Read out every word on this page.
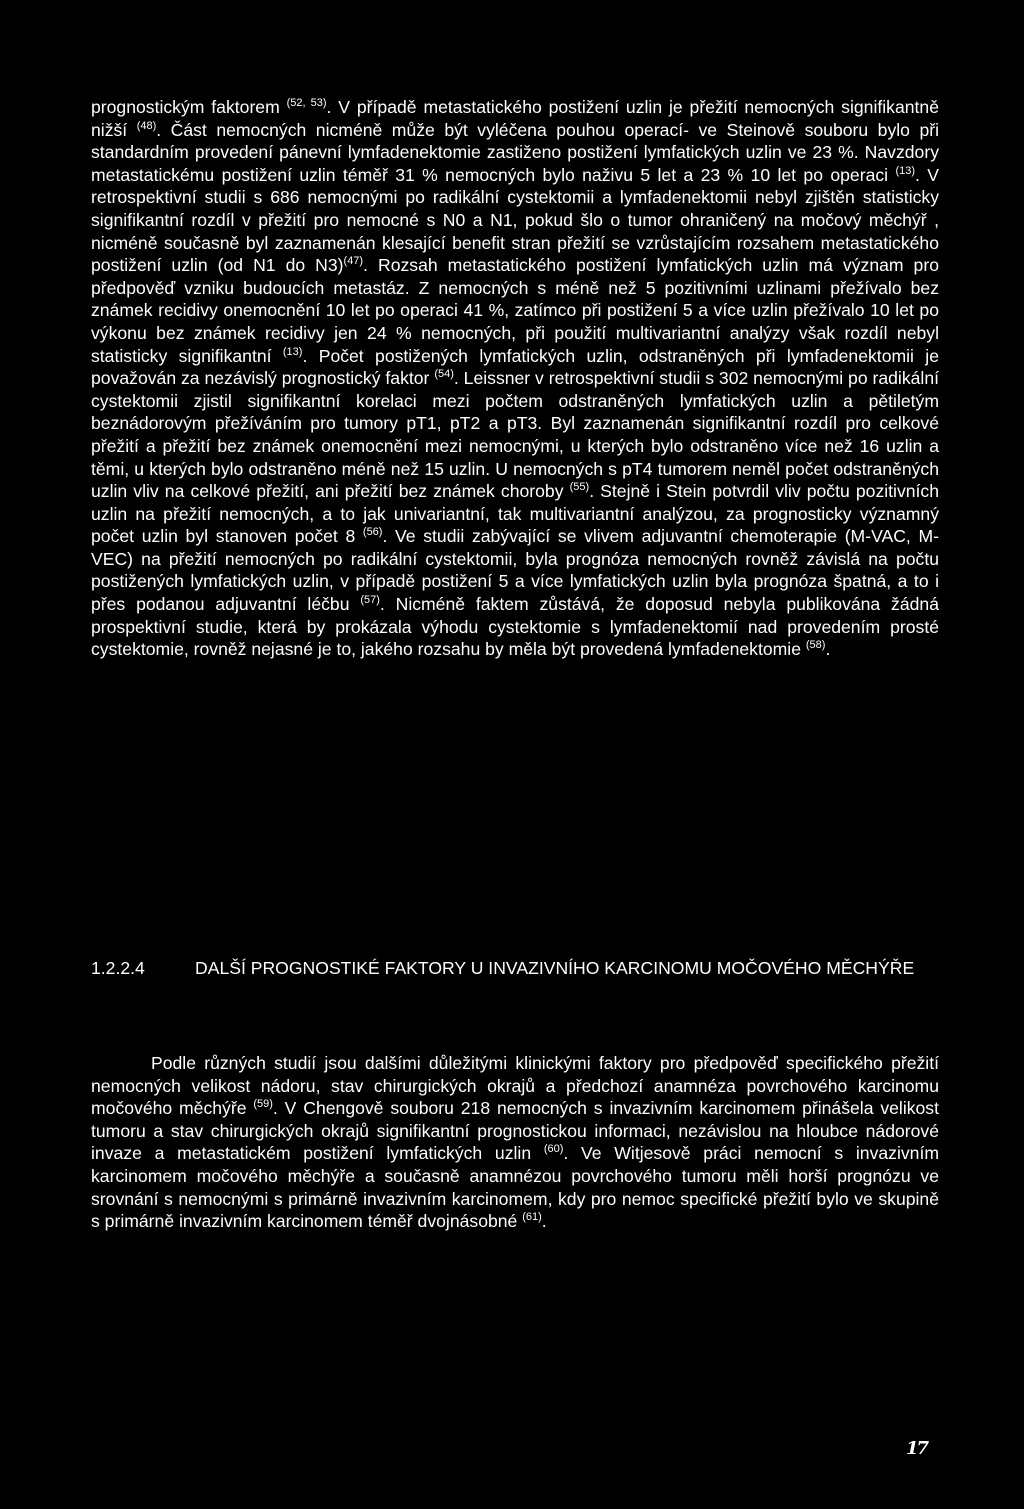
prognostickým faktorem $^{(52, 53)}$. V případě metastatického postižení uzlin je přežití nemocných signifikantně nižší $^{(48)}$. Část nemocných nicméně může být vyléčena pouhou operací- ve Steinově souboru bylo při standardním provedení pánevní lymfadenektomie zastiženo postižení lymfatických uzlin ve 23 %. Navzdory metastatickému postižení uzlin téměř 31 % nemocných bylo naživu 5 let a 23 % 10 let po operaci $^{(13)}$. V retrospektivní studii s 686 nemocnými po radikální cystektomii a lymfadenektomii nebyl zjištěn statisticky signifikantní rozdíl v přežití pro nemocné s N0 a N1, pokud šlo o tumor ohraničený na močový měchýř , nicméně současně byl zaznamenán klesající benefit stran přežití se vzrůstajícím rozsahem metastatického postižení uzlin (od N1 do N3)$^{(47)}$. Rozsah metastatického postižení lymfatických uzlin má význam pro předpověď vzniku budoucích metastáz. Z nemocných s méně než 5 pozitivními uzlinami přežívalo bez známek recidivy onemocnění 10 let po operaci 41 %, zatímco při postižení 5 a více uzlin přežívalo 10 let po výkonu bez známek recidivy jen 24 % nemocných, při použití multivariantní analýzy však rozdíl nebyl statisticky signifikantní $^{(13)}$. Počet postižených lymfatických uzlin, odstraněných při lymfadenektomii je považován za nezávislý prognostický faktor $^{(54)}$. Leissner v retrospektivní studii s 302 nemocnými po radikální cystektomii zjistil signifikantní korelaci mezi počtem odstraněných lymfatických uzlin a pětiletým beznádorovým přežíváním pro tumory pT1, pT2 a pT3. Byl zaznamenán signifikantní rozdíl pro celkové přežití a přežití bez známek onemocnění mezi nemocnými, u kterých bylo odstraněno více než 16 uzlin a těmi, u kterých bylo odstraněno méně než 15 uzlin. U nemocných s pT4 tumorem neměl počet odstraněných uzlin vliv na celkové přežití, ani přežití bez známek choroby $^{(55)}$. Stejně i Stein potvrdil vliv počtu pozitivních uzlin na přežití nemocných, a to jak univariantní, tak multivariantní analýzou, za prognosticky významný počet uzlin byl stanoven počet 8 $^{(56)}$. Ve studii zabývající se vlivem adjuvantní chemoterapie (M-VAC, M-VEC) na přežití nemocných po radikální cystektomii, byla prognóza nemocných rovněž závislá na počtu postižených lymfatických uzlin, v případě postižení 5 a více lymfatických uzlin byla prognóza špatná, a to i přes podanou adjuvantní léčbu $^{(57)}$. Nicméně faktem zůstává, že doposud nebyla publikována žádná prospektivní studie, která by prokázala výhodu cystektomie s lymfadenektomií nad provedením prosté cystektomie, rovněž nejasné je to, jakého rozsahu by měla být provedená lymfadenektomie $^{(58)}$.

1.2.2.4	DALŠÍ PROGNOSTIKÉ FAKTORY U INVAZIVNÍHO KARCINOMU MOČOVÉHO MĚCHÝŘE

Podle různých studií jsou dalšími důležitými klinickými faktory pro předpověď specifického přežití nemocných velikost nádoru, stav chirurgických okrajů a předchozí anamnéza povrchového karcinomu močového měchýře $^{(59)}$. V Chengově souboru 218 nemocných s invazivním karcinomem přinášela velikost tumoru a stav chirurgických okrajů signifikantní prognostickou informaci, nezávislou na hloubce nádorové invaze a metastatickém postižení lymfatických uzlin $^{(60)}$. Ve Witjesově práci nemocní s invazivním karcinomem močového měchýře a současně anamnézou povrchového tumoru měli horší prognózu ve srovnání s nemocnými s primárně invazivním karcinomem, kdy pro nemoc specifické přežití bylo ve skupině s primárně invazivním karcinomem téměř dvojnásobné $^{(61)}$.

17
